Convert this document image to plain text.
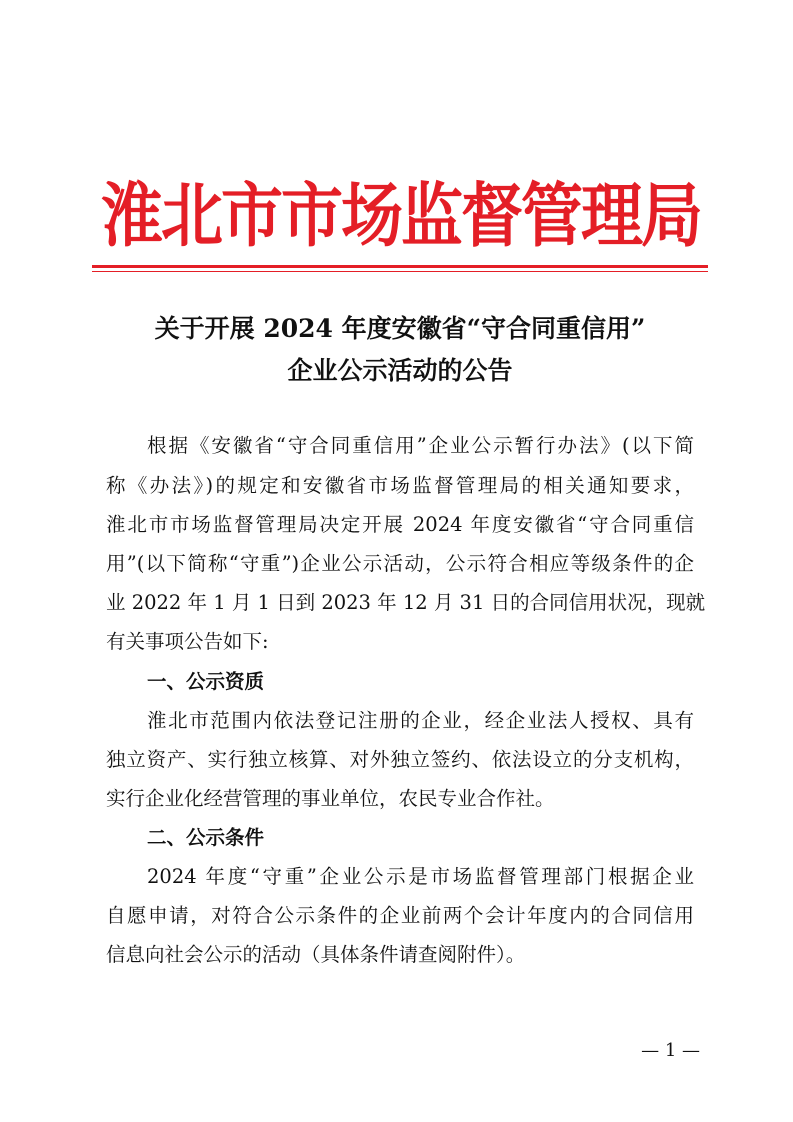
淮北市市场监督管理局
关于开展 2024 年度安徽省“守合同重信用”
企业公示活动的公告
根据《安徽省“守合同重信用”企业公示暂行办法》(以下简
称《办法》)的规定和安徽省市场监督管理局的相关通知要求，
淮北市市场监督管理局决定开展 2024 年度安徽省“守合同重信
用”(以下简称“守重”)企业公示活动，公示符合相应等级条件的企
业 2022 年 1 月 1 日到 2023 年 12 月 31 日的合同信用状况，现就
有关事项公告如下:
一、公示资质
淮北市范围内依法登记注册的企业，经企业法人授权、具有
独立资产、实行独立核算、对外独立签约、依法设立的分支机构，
实行企业化经营管理的事业单位，农民专业合作社。
二、公示条件
2024 年度“守重”企业公示是市场监督管理部门根据企业
自愿申请，对符合公示条件的企业前两个会计年度内的合同信用
信息向社会公示的活动（具体条件请查阅附件）。
— 1 —
